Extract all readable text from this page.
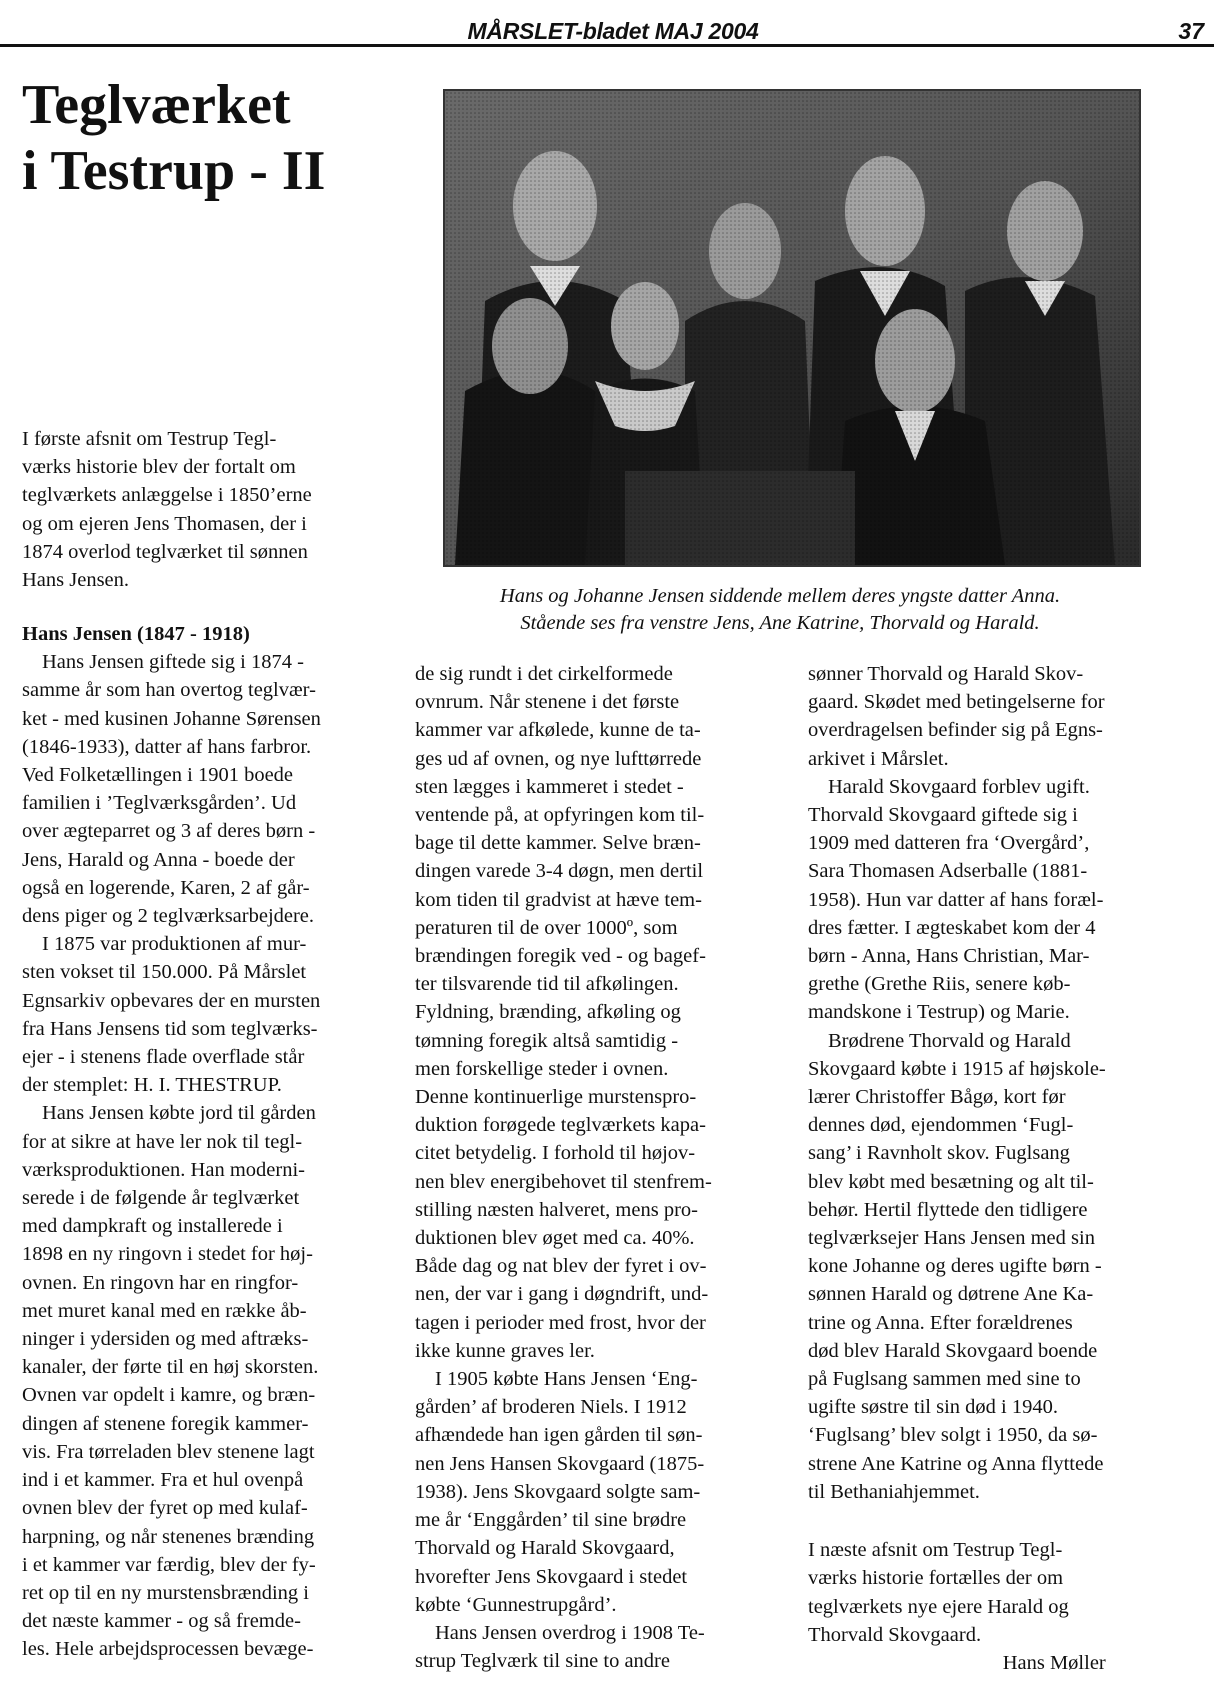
MÅRSLET-bladet MAJ 2004	37
Teglværket
i Testrup - II
Hans og Johanne Jensen siddende mellem deres yngste datter Anna.
Stående ses fra venstre Jens, Ane Katrine, Thorvald og Harald.

I første afsnit om Testrup Tegl-

værks historie blev der fortalt om

teglværkets anlæggelse i 1850’erne

og om ejeren Jens Thomasen, der i

1874 overlod teglværket til sønnen

Hans Jensen.

Hans Jensen (1847 - 1918)

Hans Jensen giftede sig i 1874 -

samme år som han overtog teglvær-

ket - med kusinen Johanne Sørensen

(1846-1933), datter af hans farbror.

Ved Folketællingen i 1901 boede

familien i ’Teglværksgården’. Ud

over ægteparret og 3 af deres børn -

Jens, Harald og Anna - boede der

også en logerende, Karen, 2 af går-

dens piger og 2 teglværksarbejdere.

I 1875 var produktionen af mur-

sten vokset til 150.000. På Mårslet

Egnsarkiv opbevares der en mursten

fra Hans Jensens tid som teglværks-

ejer - i stenens flade overflade står

der stemplet: H. I. THESTRUP.

Hans Jensen købte jord til gården

for at sikre at have ler nok til tegl-

værksproduktionen. Han moderni-

serede i de følgende år teglværket

med dampkraft og installerede i

1898 en ny ringovn i stedet for høj-

ovnen. En ringovn har en ringfor-

met muret kanal med en række åb-

ninger i ydersiden og med aftræks-

kanaler, der førte til en høj skorsten.

Ovnen var opdelt i kamre, og bræn-

dingen af stenene foregik kammer-

vis. Fra tørreladen blev stenene lagt

ind i et kammer. Fra et hul ovenpå

ovnen blev der fyret op med kulaf-

harpning, og når stenenes brænding

i et kammer var færdig, blev der fy-

ret op til en ny murstensbrænding i

det næste kammer - og så fremde-

les. Hele arbejdsprocessen bevæge-

de sig rundt i det cirkelformede

ovnrum. Når stenene i det første

kammer var afkølede, kunne de ta-

ges ud af ovnen, og nye lufttørrede

sten lægges i kammeret i stedet -

ventende på, at opfyringen kom til-

bage til dette kammer. Selve bræn-

dingen varede 3-4 døgn, men dertil

kom tiden til gradvist at hæve tem-

peraturen til de over 1000º, som

brændingen foregik ved - og bagef-

ter tilsvarende tid til afkølingen.

Fyldning, brænding, afkøling og

tømning foregik altså samtidig -

men forskellige steder i ovnen.

Denne kontinuerlige murstenspro-

duktion forøgede teglværkets kapa-

citet betydelig. I forhold til højov-

nen blev energibehovet til stenfrem-

stilling næsten halveret, mens pro-

duktionen blev øget med ca. 40%.

Både dag og nat blev der fyret i ov-

nen, der var i gang i døgndrift, und-

tagen i perioder med frost, hvor der

ikke kunne graves ler.

I 1905 købte Hans Jensen ‘Eng-

gården’ af broderen Niels. I 1912

afhændede han igen gården til søn-

nen Jens Hansen Skovgaard (1875-

1938). Jens Skovgaard solgte sam-

me år ‘Enggården’ til sine brødre

Thorvald og Harald Skovgaard,

hvorefter Jens Skovgaard i stedet

købte ‘Gunnestrupgård’.

Hans Jensen overdrog i 1908 Te-

strup Teglværk til sine to andre

sønner Thorvald og Harald Skov-

gaard. Skødet med betingelserne for

overdragelsen befinder sig på Egns-

arkivet i Mårslet.

Harald Skovgaard forblev ugift.

Thorvald Skovgaard giftede sig i

1909 med datteren fra ‘Overgård’,

Sara Thomasen Adserballe (1881-

1958). Hun var datter af hans foræl-

dres fætter. I ægteskabet kom der 4

børn - Anna, Hans Christian, Mar-

grethe (Grethe Riis, senere køb-

mandskone i Testrup) og Marie.

Brødrene Thorvald og Harald

Skovgaard købte i 1915 af højskole-

lærer Christoffer Bågø, kort før

dennes død, ejendommen ‘Fugl-

sang’ i Ravnholt skov. Fuglsang

blev købt med besætning og alt til-

behør. Hertil flyttede den tidligere

teglværksejer Hans Jensen med sin

kone Johanne og deres ugifte børn -

sønnen Harald og døtrene Ane Ka-

trine og Anna. Efter forældrenes

død blev Harald Skovgaard boende

på Fuglsang sammen med sine to

ugifte søstre til sin død i 1940.

‘Fuglsang’ blev solgt i 1950, da sø-

strene Ane Katrine og Anna flyttede

til Bethaniahjemmet.

I næste afsnit om Testrup Tegl-

værks historie fortælles der om

teglværkets nye ejere Harald og

Thorvald Skovgaard.

Hans Møller
